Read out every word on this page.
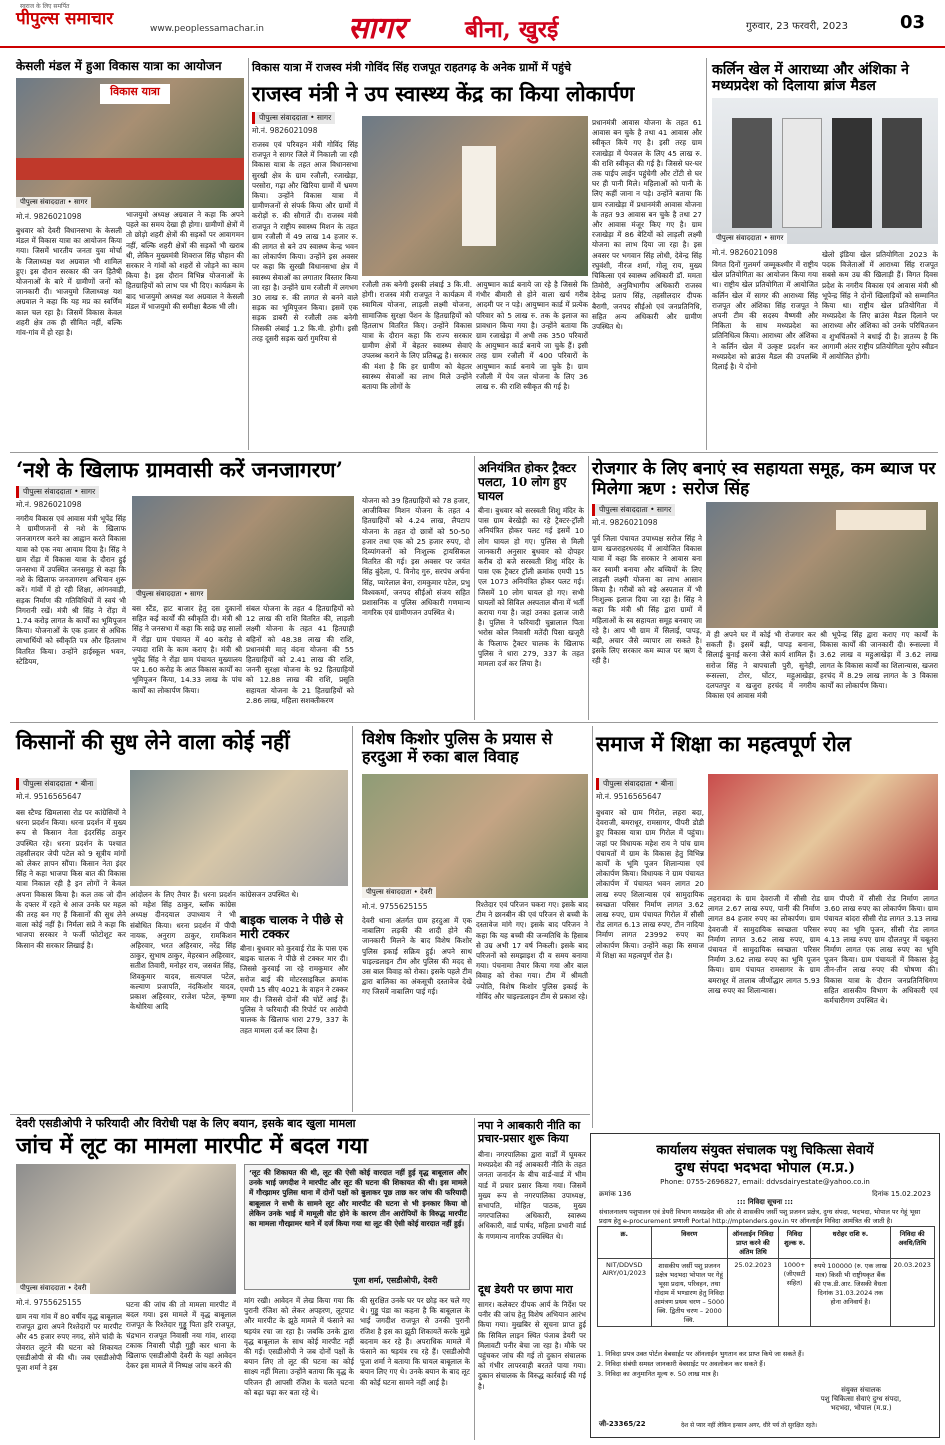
पीपुल्स समाचार
स्वराज के लिए समर्पित
www.peoplessamachar.in	सागर	बीना, खुरई	गुरुवार, 23 फरवरी, 2023	03
केसली मंडल में हुआ विकास यात्रा का आयोजन
विकास यात्रा
पीपुल्स संवाददाता • सागर
मो.नं. 9826021098
बुधवार को देवरी विधानसभा के केसली मंडल में विकास यात्रा का आयोजन किया गया। जिसमें भारतीय जनता युवा मोर्चा के जिलाध्यक्ष यश अग्रवाल भी शामिल हुए। इस दौरान सरकार की जन हितैषी योजनाओं के बारे में ग्रामीणों जनों को जानकारी दी। भाजयुमो जिलाध्यक्ष यश अग्रवाल ने कहा कि यह मप्र का स्वर्णिम काल चल रहा है। जिसमें विकास केवल शहरी क्षेत्र तक ही सीमित नहीं, बल्कि गांव-गांव में हो रहा है।
भाजयुमो अध्यक्ष अग्रवाल ने कहा कि अपने पहले का समय देखा ही होगा। ग्रामीणों क्षेत्रों में तो छोड़ो शहरी क्षेत्रों की सड़कों पर आवागमन नहीं, बल्कि शहरी क्षेत्रों की सड़कों भी खराब थी, लेकिन मुख्यमंत्री शिवराज सिंह चौहान की सरकार ने गांवों को शहरों से जोड़ने का काम किया है। इस दौरान विभिन्न योजनाओं के हितग्राहियों को लाभ पत्र भी दिए। कार्यक्रम के बाद भाजयुमो अध्यक्ष यश अग्रवाल ने केसली मंडल में भाजयुमो की समीक्षा बैठक भी ली।
विकास यात्रा में राजस्व मंत्री गोविंद सिंह राजपूत राहतगढ़ के अनेक ग्रामों में पहुंचे
राजस्व मंत्री ने उप स्वास्थ्य केंद्र का किया लोकार्पण
पीपुल्स संवाददाता • सागर
मो.नं. 9826021098
राजस्व एवं परिवहन मंत्री गोविंद सिंह राजपूत ने सागर जिले में निकाली जा रही विकास यात्रा के तहत आज विधानसभा सुरखी क्षेत्र के ग्राम रजौली, रजाखेड़ा, परसोरा, गढ़ा और खिरिया ग्रामों में भ्रमण किया। उन्होंने विकास यात्रा में ग्रामीणजनों से संपर्क किया और ग्रामों में करोड़ों रु. की सौगातें दी। राजस्व मंत्री राजपूत ने राष्ट्रीय स्वास्थ्य मिशन के तहत ग्राम रजौली में 49 लाख 14 हजार रु. की लागत से बने उप स्वास्थ्य केन्द्र भवन का लोकार्पण किया। उन्होंने इस अवसर पर कहा कि सुरखी विधानसभा क्षेत्र में स्वास्थ्य सेवाओं का लगातार विस्तार किया जा रहा है। उन्होंने ग्राम रजौली में लगभग 30 लाख रु. की लागत से बनने वाले सड़क का भूमिपूजन किया। इसमें एक सड़क डाबरी से रजौली तक बनेगी जिसकी लंबाई 1.2 कि.मी. होगी। इसी तरह दूसरी सड़क खर्रा गुमरिया से
रजौली तक बनेगी इसकी लंबाई 3 कि.मी. होगी। राजस्व मंत्री राजपूत ने कार्यक्रम में स्वामित्व योजना, लाड़ली लक्ष्मी योजना, सामाजिक सुरक्षा पेंशन के हितग्राहियों को हितलाभ वितरित किए। उन्होंने विकास यात्रा के दौरान कहा कि राज्य सरकार ग्रामीण क्षेत्रों में बेहतर स्वास्थ्य सेवाएं उपलब्ध कराने के लिए प्रतिबद्ध है। सरकार की मंशा है कि हर ग्रामीण को बेहतर स्वास्थ्य सेवाओं का लाभ मिले उन्होंने बताया कि लोगों के
आयुष्मान कार्ड बनाये जा रहे है जिससे कि गंभीर बीमारी से होने वाला खर्च गरीब आदमी पर न पड़े। आयुष्मान कार्ड में प्रत्येक परिवार को 5 लाख रु. तक के इलाज का प्रावधान किया गया है। उन्होंने बताया कि ग्राम रजाखेड़ा में अभी तक 350 परिवारों के आयुष्मान कार्ड बनाये जा चुके हैं। इसी तरह ग्राम रजौली में 400 परिवारों के आयुष्मान कार्ड बनाये जा चुके है। ग्राम रजौली में पेय जल योजना के लिए 36 लाख रु. की राशि स्वीकृत की गई है।
प्रधानमंत्री आवास योजना के तहत 61 आवास बन चुके है तथा 41 आवास और स्वीकृत किये गए है। इसी तरह ग्राम रजाखेड़ा में पेयजल के लिए 45 लाख रु. की राशि स्वीकृत की गई है। जिससे घर-घर तक पाईप लाईन पहुंचेगी और टोंटी से घर घर ही पानी मिले। महिलाओं को पानी के लिए कहीं जाना न पड़े। उन्होंने बताया कि ग्राम रजाखेड़ा में प्रधानमंत्री आवास योजना के तहत 93 आवास बन चुके है तथा 27 और आवास मंजूर किए गए है। ग्राम रजाखेड़ा में 86 बेटियों को लाड़ली लक्ष्मी योजना का लाभ दिया जा रहा है। इस अवसर पर भगवान सिंह लोधी, देवेन्द्र सिंह रघुवंशी, नीरज शर्मा, गोलू राय, मुख्य चिकित्सा एवं स्वास्थ्य अधिकारी डॉ. ममता तिमोरी, अनुविभागीय अधिकारी राजस्व देवेन्द्र प्रताप सिंह, तहसीलदार दीपक बैरागी, जनपद सीईओ एवं जनप्रतिनिधि, सहित अन्य अधिकारी और ग्रामीण उपस्थित थे।
कर्लिन खेल में आराध्या और अंशिका ने मध्यप्रदेश को दिलाया ब्रांज मैडल
पीपुल्स संवाददाता • सागर
मो.नं. 9826021098
विगत दिनों गुलमर्ग जम्मूकश्मीर में राष्ट्रीय खेल प्रतियोगिता का आयोजन किया गया था। राष्ट्रीय खेल प्रतियोगिता में आयोजित कर्लिन खेल में सागर की आराध्या सिंह राजपूत और अंशिका सिंह राजपूत ने अपनी टीम की सदस्य वैष्णवी और निकिता के साथ मध्यप्रदेश का प्रतिनिधित्व किया। आराध्या और अंशिका ने कर्लिन खेल में उत्कृष्ट प्रदर्शन कर मध्यप्रदेश को ब्राउंस मैडल की उपलब्धि दिलाई है। ये दोनो
खेलो इंडिया खेल प्रतियोगिता 2023 के पदक विजेताओं में आराध्या सिंह राजपूत सबसे कम उम्र की खिलाड़ी हैं। विगत दिवस प्रदेश के नगरीय विकास एवं आवास मंत्री श्री भूपेन्द्र सिंह ने दोनों खिलाड़ियों को सम्मानित किया था। राष्ट्रीय खेल प्रतियोगिता में मध्यप्रदेश के लिए ब्राउंस मैडल दिलाने पर आराध्या और अंशिका को उनके परिचितजन व शुभचिंतकों ने बधाई दी है। ज्ञातव्य है कि आगामी अंतर राष्ट्रीय प्रतियोगिता यूरोप स्वीडन में आयोजित होगी।
‘नशे के खिलाफ ग्रामवासी करें जनजागरण’
पीपुल्स संवाददाता • सागर
मो.नं. 9826021098
नगरीय विकास एवं आवास मंत्री भूपेंद्र सिंह ने ग्रामीणजनों से नशे के खिलाफ जनजागरण करने का आह्वान करते विकास यात्रा को एक नया आयाम दिया है। सिंह ने ग्राम रोंड़ा में विकास यात्रा के दौरान हुई जनसभा में उपस्थित जनसमूह से कहा कि नशे के खिलाफ जनजागरण अभियान शुरू करें। गांवों में हो रही शिक्षा, आंगनवाड़ी, सड़क निर्माण की गतिविधियों में स्वयं भी निगरानी रखें। मंत्री श्री सिंह ने रोंड़ा में 1.74 करोड़ लागत के कार्यों का भूमिपूजन किया। योजनाओं के एक हजार से अधिक लाभार्थियों को स्वीकृति पत्र और हितलाभ वितरित किया। उन्होंने हाईस्कूल भवन, स्टेडियम,
पीपुल्स संवाददाता • सागर
बस स्टैंड, हाट बाजार हेतु दस दुकानों सहित कई कार्यों की स्वीकृति दी। मंत्री श्री सिंह ने जनसभा में कहा कि साढ़े छह सालों में रोंड़ा ग्राम पंचायत में 40 करोड़ से ज्यादा राशि के काम कराए है। मंत्री श्री भूपेंद्र सिंह ने रोंड़ा ग्राम पंचायत मुख्यालय पर 1.60 करोड़ के आठ विकास कार्यों का भूमिपूजन किया, 14.33 लाख के पांच कार्यों का लोकार्पण किया।
संबल योजना के तहत 4 हितग्राहियों को 12 लाख की राशि वितरित की, लाड़ली लक्ष्मी योजना के तहत 41 हितग्राही बहिनों को 48.38 लाख की राशि, प्रधानमंत्री मातृ वंदना योजना की 55 हितग्राहियों को 2.41 लाख की राशि, जननी सुरक्षा योजना के 92 हितग्राहियों को 12.88 लाख की राशि, प्रसूति सहायता योजना के 21 हितग्राहियों को 2.86 लाख, महिला सशक्तीकरण
योजना को 39 हितग्राहियों को 78 हजार, आजीविका मिशन योजना के तहत 4 हितग्राहियों को 4.24 लाख, लैपटाप योजना के तहत दो छात्रों को 50-50 हजार तथा एक को 25 हजार रुपए, दो दिव्यांगजनों को निःशुल्क ट्रायसिकल वितरित की गई। इस अवसर पर जयंत सिंह बुंदेला, पं. विनोद गुरु, सरपंच अर्चना सिंह, प्यारेलाल बेना, रामकुमार पटेल, प्रभु विश्वकर्मा, जनपद सीईओ संजय सहित प्रशासनिक व पुलिस अधिकारी गणमान्य नागरिक एवं ग्रामीणजन उपस्थित थे।
अनियंत्रित होकर ट्रैक्टर पलटा, 10 लोग हुए घायल
बीना। बुधवार को सरस्वती शिशु मंदिर के पास ग्राम बेरखेड़ी का रहे ट्रैक्टर-ट्रॉली अनियंत्रित होकर पलट गई इसमें 10 लोग घायल हो गए। पुलिस से मिली जानकारी अनुसार बुधवार को दोपहर करीब दो बजे सरस्वती शिशु मंदिर के पास एक ट्रैक्टर ट्रॉली क्रमांक एमपी 15 एल 1073 अनियंत्रित होकर पलट गई। जिसमें 10 लोग घायल हो गए। सभी घायलों को सिविल अस्पताल बीना में भर्ती कराया गया है। जहां उनका इलाज जारी है। पुलिस ने फरियादी चुन्नालाल पिता भरोस कोल निवासी मतेंदी पिसा खजूरी के फिलाफ ट्रैक्टर चालक के खिलाफ पुलिस ने धारा 279, 337 के तहत मामला दर्ज कर लिया है।
रोजगार के लिए बनाएं स्व सहायता समूह, कम ब्याज पर मिलेगा ऋण : सरोज सिंह
पीपुल्स संवाददाता • सागर
मो.नं. 9826021098
पूर्व जिला पंचायत उपाध्यक्ष सरोज सिंह ने ग्राम खजराहरधरवंद में आयोजित विकास यात्रा में कहा कि सरकार ने आवास बना कर स्वामी बनाया और बच्चियों के लिए लाड़ली लक्ष्मी योजना का लाभ आसान किया है। गरीबों को बड़े अस्पताल में भी निःशुल्क इलाज दिया जा रहा है। सिंह ने कहा कि मंत्री श्री सिंह द्वारा ग्रामों में महिलाओं के स्व सहायता समूह बनवाए जा रहे है। आप भी ग्राम में सिलाई, पापड़, बड़ी, अचार जैसे व्यापार ला सकते है। इसके लिए सरकार कम ब्याज पर ऋण दे रही है।
में ही अपने घर में कोई भी रोजगार कर सकती हैं। इसमें बड़ी, पापड़ बनाना, सिलाई बुनाई करना जैसे कार्य शामिल हैं। सरोज सिंह ने बापचाली पुरी, सुनेही, रूसल्ला, टोरर, घोंटर, महुआखेड़ा, दलपतपुर व खजुरा हरचंद में नगरीय विकास एवं आवास मंत्री
श्री भूपेन्द्र सिंह द्वारा कराए गए कार्यों के विकास कार्यों की जानकारी दी। रूसल्ला में 3.62 लाख व महुआखेड़ा में 3.62 लाख लागत के विकास कार्यों का शिलान्यास, खजरा हरचंद में 8.29 लाख लागत के 3 विकास कार्यों का लोकार्पण किया।
किसानों की सुध लेने वाला कोई नहीं
पीपुल्स संवाददाता • बीना
मो.नं. 9516565647
बस स्टैण्ड खिमलासा रोड पर कांग्रेसियों ने धरना प्रदर्शन किया। धरना प्रदर्शन में मुख्य रूप से किसान नेता इंदरसिंह ठाकुर उपस्थित रहे। धरना प्रदर्शन के पश्चात तहसीलदार जेपी पटेल को 9 सूत्रीय मांगों को लेकर ज्ञापन सौंपा। किसान नेता इंदर सिंह ने कहा भाजपा किस बात की विकास यात्रा निकाल रही है इन लोगों ने केवल अपना विकास किया है। कल तक जो दीन के दफ्तर में रहते थे आज उनके घर महल की तरह बन गए हैं किसानों की सुध लेने वाला कोई नहीं है। निर्मला सप्रे ने कहा कि भाजपा सरकार ने फर्जी फोटोशूट कर किसान की सरकार लिखाई है।
आंदोलन के लिए तैयार हैं। धरना प्रदर्शन को महेश सिंह ठाकुर, ब्लॉक कांग्रेस अध्यक्ष दीनदयाल उपाध्याय ने भी संबोधित किया। धरना प्रदर्शन में पीपी नायक, अनुराग ठाकुर, रामकिशन अहिरवार, भरत अहिरवार, नरेंद्र सिंह ठाकुर, सुभाष ठाकुर, मेहरबान अहिरवार, सतीश तिवारी, मनोहर राय, जसवंत सिंह, शिवकुमार यादव, सत्यपाल पटेल, कल्याण प्रजापति, नंदकिशोर यादव, प्रकाश अहिरवार, राजेश पटेल, कृष्णा केथोरिया आदि
कांग्रेसजन उपस्थित थे।
बाइक चालक ने पीछे से मारी टक्कर
बीना। बुधवार को कुरवाई रोड के पास एक बाइक चालक ने पीछे से टक्कर मार दी। जिससे कुरवाई जा रहे रामकुमार और सरोज बाई की मोटरसाइकिल क्रमांक एमपी 15 सीए 4021 के वाहन ने टक्कर मार दी। जिससे दोनों की चोटें आई हैं। पुलिस ने फरियादी की रिपोर्ट पर आरोपी चालक के खिलाफ धारा 279, 337 के तहत मामला दर्ज कर लिया है।
विशेष किशोर पुलिस के प्रयास से हरदुआ में रुका बाल विवाह
पीपुल्स संवाददाता • देवरी
मो.नं. 9755625155
देवरी थाना अंतर्गत ग्राम हरदुआ में एक नाबालिग लड़की की शादी होने की जानकारी मिलने के बाद विशेष किशोर पुलिस इकाई सक्रिय हुई। अपने साथ चाइल्डलाइन टीम और पुलिस की मदद से उस बाल विवाह को रोका। इसके पहले टीम द्वारा बालिका का अंकसूची दस्तावेज देखे गए जिसमें नाबालिग पाई गई।
रिश्तेदार एवं परिजन चकरा गए। इसके बाद टीम ने छानबीन की एवं परिजन से बच्ची के दस्तावेज मांगे गए। इसके बाद परिजन ने कहा कि यह बच्ची की जन्मतिथि के हिसाब से उम्र अभी 17 वर्ष निकली। इसके बाद परिजनों को समझाइश दी व समय बनाया गया। पंचनामा तैयार किया गया और बाल विवाह को रोका गया। टीम में श्रीमती ज्योति, विशेष किशोर पुलिस इकाई के गोविंद और चाइल्डलाइन टीम से प्रकाश रहे।
समाज में शिक्षा का महत्वपूर्ण रोल
पीपुल्स संवाददाता • बीना
मो.नं. 9516565647
बुधवार को ग्राम गिरोल, लहरा बदा, देवराजी, बमराधूर, रामसागर, पीपरी डोडी हुए विकास यात्रा ग्राम गिरोल में पहुंचा। जहां पर विधायक महेश राय ने पांच ग्राम पंचायतों में ग्राम के विकास हेतु विभिन्न कार्यों के भूमि पूजन शिलान्यास एवं लोकार्पण किया। विधायक ने ग्राम पंचायत लोकार्पण में पंचायत भवन लागत 20 लाख रुपए शिलान्यास एवं सामुदायिक स्वच्छता परिसर निर्माण लागत 3.62 लाख रुपए, ग्राम पंचायत गिरोल में सीसी रोड लागत 6.13 लाख रुपए, टीन नादिया निर्माण लागत 23992 रुपए का लोकार्पण किया। उन्होंने कहा कि समाज में शिक्षा का महत्वपूर्ण रोल है।
लहरावदा के ग्राम देवराजी में सीसी रोड लागत 2.67 लाख रुपए, पानी की निर्माण लागत 84 हजार रुपए का लोकार्पण। ग्राम देवराजी में सामुदायिक स्वच्छता परिसर निर्माण लागत 3.62 लाख रुपए, ग्राम पंचायत में सामुदायिक स्वच्छता परिसर निर्माण 3.62 लाख रुपए का भूमि पूजन किया। ग्राम पंचायत रामसागर के ग्राम बमराधूर में तालाब जीर्णोद्धार लागत 5.93 लाख रुपए का शिलान्यास।
ग्राम पीपरी में सीसी रोड निर्माण लागत 3.60 लाख रुपए का लोकार्पण किया। ग्राम पंचायत बांदरा सीसी रोड लागत 3.13 लाख रुपए का भूमि पूजन, सीसी रोड लागत 4.13 लाख रुपए ग्राम दौलतपुर में चबूतरा निर्माण लागत एक लाख रुपए का भूमि पूजन किया। ग्राम पंचायतों में विकास हेतु तीन-तीन लाख रुपए की घोषणा की। विकास यात्रा के दौरान जनप्रतिनिधिगण सहित शासकीय विभाग के अधिकारी एवं कर्मचारीगण उपस्थित थे।
देवरी एसडीओपी ने फरियादी और विरोधी पक्ष के लिए बयान, इसके बाद खुला मामला
जांच में लूट का मामला मारपीट में बदल गया
पीपुल्स संवाददाता • देवरी
मो.नं. 9755625155
ग्राम नया गांव में 80 वर्षीय वृद्ध बाबूलाल राजपूत द्वारा अपने रिश्तेदारों पर मारपीट और 45 हजार रुपए नगद, सोने चांदी के जेवरात लूटने की घटना को शिकायत एसडीओपी से की थी। जब एसडीओपी पूजा शर्मा ने इस
घटना की जांच की तो मामला मारपीट में बदल गया। इस मामले में वृद्ध बाबूलाल राजपूत के रिश्तेदार गुड्डू पिता हरि राजपूत, चंद्रभान राजपूत निवासी नया गांव, शारदा टकाक निवासी पौड़ी गुड्डी कार थाना के खिलाफ एसडीओपी देवरी के यहां आवेदन देकर इस मामले में निष्पक्ष जांच करने की
‘लूट की शिकायत की थी, लूट की ऐसी कोई वारदात नहीं हुई वृद्ध बाबूलाल और उनके भाई जगदीश ने मारपीट और लूट की घटना की शिकायत की थी। इस मामले में गौरझामर पुलिस थाना में दोनों पक्षों को बुलाकर पूछ ताछ कर जांच की फरियादी बाबूलाल ने सभी के सामने लूट और मारपीट की घटना से भी इनकार किया वो लेकिन उनके भाई में मामूली वोट होने के कारण तीन आरोपियों के विरुद्ध मारपीट का मामला गौरझामर थाने में दर्ज किया गया था लूट की ऐसी कोई वारदात नहीं हुई।
पूजा शर्मा, एसडीओपी, देवरी
मांग रखी। आवेदन में लेख किया गया कि पुरानी रंजिश को लेकर अपहरण, लूटपाट और मारपीट के झूठे मामले में फंसाने का षड़यंत्र रचा जा रहा है। जबकि उनके द्वारा वृद्ध बाबूलाल के साथ कोई मारपीट नहीं की गई। एसडीओपी ने जब दोनों पक्षों के बयान लिए तो लूट की घटना का कोई साक्ष्य नहीं मिला। उन्होंने बताया कि वृद्ध के परिजन ही आपसी रंजिश के चलते घटना को बढ़ा चढ़ा कर बता रहे थे।
की सुरक्षित उनके घर पर छोड़ कर चले गए थे। गुड्डू पंडा का कहना है कि बाबूलाल के भाई जगदीश राजपूत से उनकी पुरानी रंजिश है इस का झूठी शिकायतें करके मुझे बदनाम कर रहे हैं। अपराधिक मामले में फंसाने का षड़यंत्र रच रहे हैं। एसडीओपी पूजा शर्मा ने बताया कि घायल बाबूलाल के बयान लिए गए थे। उनके बयान के बाद लूट की कोई घटना सामने नहीं आई है।
नपा ने आबकारी नीति का प्रचार-प्रसार शुरू किया
बीना। नगरपालिका द्वारा वार्डों में घूमकर मध्यप्रदेश की नई आबकारी नीति के तहत जनता जनार्दन के बीच वार्ड-वार्ड में भीम यार्ड में प्रचार प्रसार किया गया। जिसमें मुख्य रूप से नगरपालिका उपाध्यक्ष, सभापति, मोहित पाठक, मुख्य नगरपालिका अधिकारी, स्वास्थ्य अधिकारी, वार्ड पार्षद, महिला प्रभारी वार्ड के गणमान्य नागरिक उपस्थित थे।
दूध डेयरी पर छापा मारा
सागर। कलेक्टर दीपक आर्य के निर्देश पर पनीर की जांच हेतु विशेष अभियान आरंभ किया गया। मुखबिर से सूचना प्राप्त हुई कि सिविल लाइन स्थित पंजाब डेयरी पर मिलावटी पनीर बेचा जा रहा है। मौके पर पहुंचकर जांच की गई तो दुकान संचालक को गंभीर लापरवाही बरतते पाया गया। दुकान संचालक के विरुद्ध कार्रवाई की गई है।
कार्यालय संयुक्त संचालक पशु चिकित्सा सेवायें
दुग्ध संपदा भदभदा भोपाल (म.प्र.)
Phone: 0755-2696827, email: ddvsdairyestate@yahoo.co.in
क्रमांक 136	दिनांक 15.02.2023
::: निविदा सूचना :::
संचालनालय पशुपालन एवं डेयरी विभाग मध्यप्रदेश की ओर से शासकीय जर्सी पशु प्रजनन प्रक्षेत्र, दुग्ध संपदा, भदभदा, भोपाल पर गेहूं भूसा प्रदाय हेतु e-procurement प्रणाली Portal http://mptenders.gov.in पर ऑनलाईन निविदा आमंत्रित की जाती है।
क्र.	विवरण	ऑनलाईन निविदा प्राप्त करने की अंतिम तिथि	निविदा शुल्क रु.	धरोहर राशि रु.	निविदा की अवधि/तिथि
NIT/DDVSD AIRY/01/2023	शासकीय जर्सी पशु प्रजनन प्रक्षेत्र भदभदा भोपाल पर गेहूं भूसा प्रदाय, परिवहन, तथा गोदाम में भण्डारण हेतु निविदा आमंत्रण प्रथम चरण – 5000 क्वि. द्वितीय चरण – 2000 क्वि.	25.02.2023	1000+ (जीएसटी सहित)	रुपये 100000 (रु. एक लाख मात्र) किसी भी राष्ट्रीयकृत बैंक की एफ.डी.आर. जिसकी वैधता दिनांक 31.03.2024 तक होना अनिवार्य है।	20.03.2023
1. निविदा प्रपत्र उक्त पोर्टल वेबसाईट पर ऑनलाईन भुगतान कर प्राप्त किये जा सकते हैं।
2. निविदा संबंधी समस्त जानकारी वेबसाईट पर अवलोकन कर सकते हैं।
3. निविदा का अनुमानित मूल्य रु. 50 लाख मात्र है।
संयुक्त संचालक
पशु चिकित्सा सेवाएं दुग्ध संपदा,
भदभदा, भोपाल (म.प्र.)
जी-23365/22	देश से प्यार नहीं लेकिन इन्सान अगर, धीरे पर्य तो सुरक्षित रहते।
